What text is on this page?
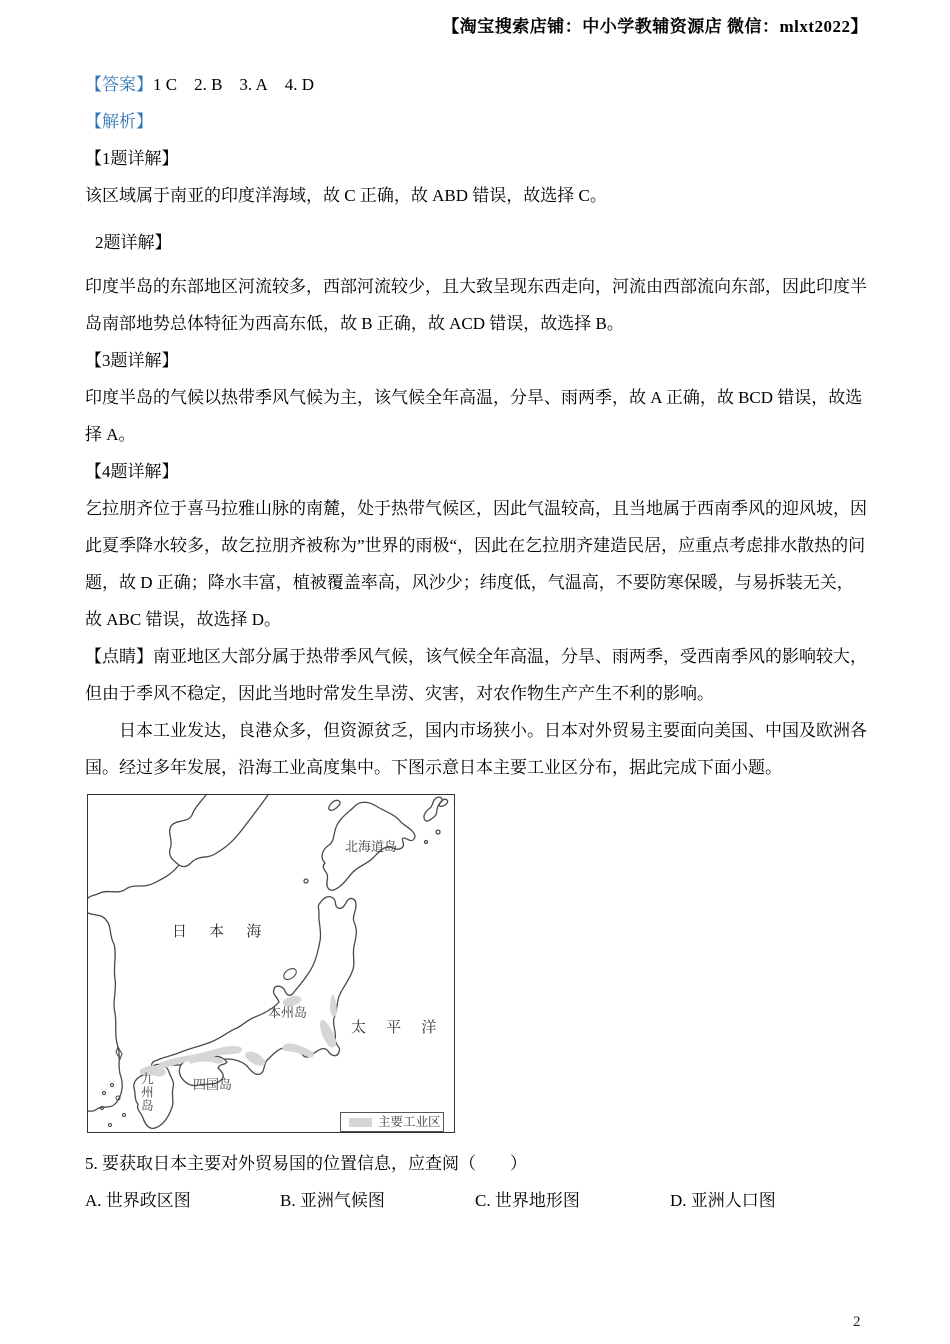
【淘宝搜索店铺：中小学教辅资源店 微信：mlxt2022】

【答案】1 C 2. B 3. A 4. D

【解析】

【1题详解】

该区域属于南亚的印度洋海域，故 C 正确，故 ABD 错误，故选择 C。

2题详解】

印度半岛的东部地区河流较多，西部河流较少，且大致呈现东西走向，河流由西部流向东部，因此印度半岛南部地势总体特征为西高东低，故 B 正确，故 ACD 错误，故选择 B。

【3题详解】

印度半岛的气候以热带季风气候为主，该气候全年高温，分旱、雨两季，故 A 正确，故 BCD 错误，故选择 A。

【4题详解】

乞拉朋齐位于喜马拉雅山脉的南麓，处于热带气候区，因此气温较高，且当地属于西南季风的迎风坡，因此夏季降水较多，故乞拉朋齐被称为”世界的雨极“，因此在乞拉朋齐建造民居，应重点考虑排水散热的问题，故 D 正确；降水丰富，植被覆盖率高，风沙少；纬度低，气温高，不要防寒保暖，与易拆装无关，故 ABC 错误，故选择 D。

【点睛】南亚地区大部分属于热带季风气候，该气候全年高温，分旱、雨两季，受西南季风的影响较大，但由于季风不稳定，因此当地时常发生旱涝、灾害，对农作物生产产生不利的影响。

日本工业发达，良港众多，但资源贫乏，国内市场狭小。日本对外贸易主要面向美国、中国及欧洲各国。经过多年发展，沿海工业高度集中。下图示意日本主要工业区分布，据此完成下面小题。

北海道岛
日 本 海
本州岛
太 平 洋
四国岛
九州岛
主要工业区

5. 要获取日本主要对外贸易国的位置信息，应查阅（　　）

A. 世界政区图	B. 亚洲气候图	C. 世界地形图	D. 亚洲人口图
2
